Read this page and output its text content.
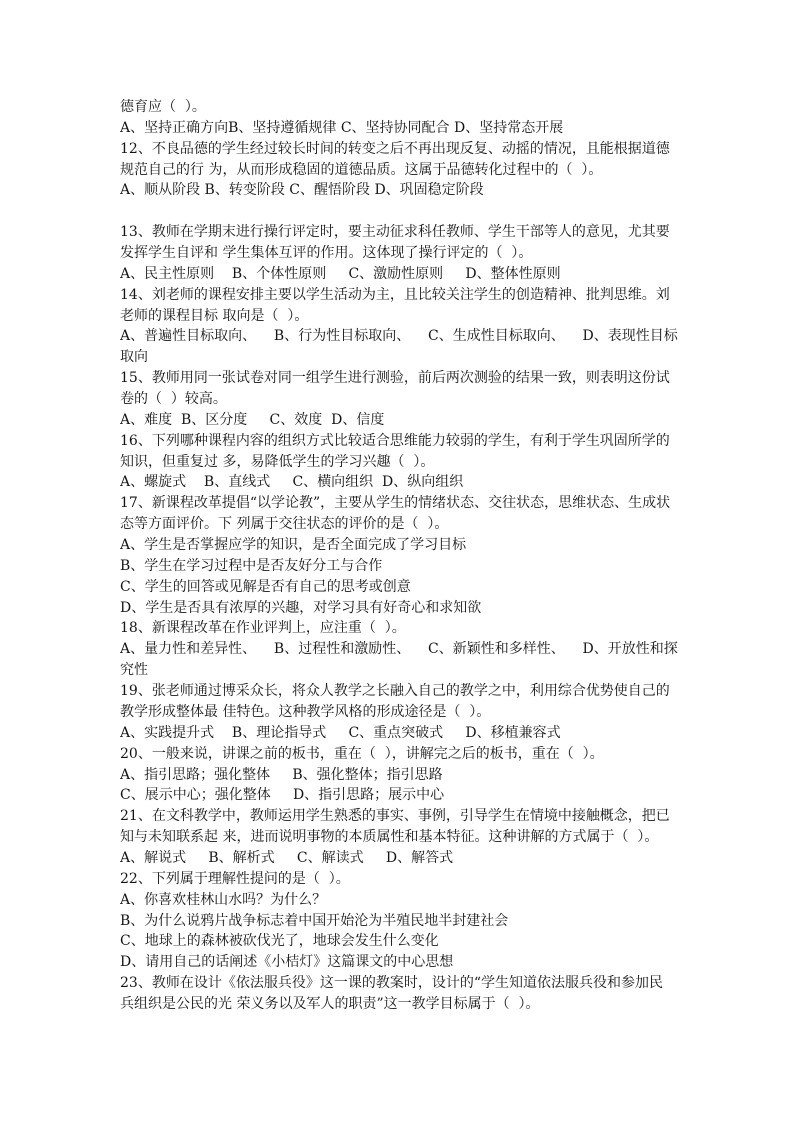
德育应（  ）。
A、坚持正确方向B、坚持遵循规律 C、坚持协同配合 D、坚持常态开展
12、不良品德的学生经过较长时间的转变之后不再出现反复、动摇的情况，且能根据道德
规范自己的行 为，从而形成稳固的道德品质。这属于品德转化过程中的（  ）。
A、顺从阶段 B、转变阶段 C、醒悟阶段 D、巩固稳定阶段
13、教师在学期末进行操行评定时，要主动征求科任教师、学生干部等人的意见，尤其要
发挥学生自评和 学生集体互评的作用。这体现了操行评定的（  ）。
A、民主性原则    B、个体性原则     C、激励性原则     D、整体性原则
14、刘老师的课程安排主要以学生活动为主，且比较关注学生的创造精神、批判思维。刘
老师的课程目标 取向是（  ）。
A、普遍性目标取向、    B、行为性目标取向、    C、生成性目标取向、    D、表现性目标
取向
15、教师用同一张试卷对同一组学生进行测验，前后两次测验的结果一致，则表明这份试
卷的（  ）较高。
A、难度  B、区分度     C、效度  D、信度
16、下列哪种课程内容的组织方式比较适合思维能力较弱的学生，有利于学生巩固所学的
知识，但重复过 多，易降低学生的学习兴趣（  ）。
A、螺旋式    B、直线式     C、横向组织  D、纵向组织
17、新课程改革提倡“以学论教”，主要从学生的情绪状态、交往状态，思维状态、生成状
态等方面评价。下 列属于交往状态的评价的是（  ）。
A、学生是否掌握应学的知识，是否全面完成了学习目标
B、学生在学习过程中是否友好分工与合作
C、学生的回答或见解是否有自己的思考或创意
D、学生是否具有浓厚的兴趣，对学习具有好奇心和求知欲
18、新课程改革在作业评判上，应注重（  ）。
A、量力性和差异性、    B、过程性和激励性、    C、新颖性和多样性、    D、开放性和探
究性
19、张老师通过博采众长，将众人教学之长融入自己的教学之中，利用综合优势使自己的
教学形成整体最 佳特色。这种教学风格的形成途径是（  ）。
A、实践提升式    B、理论指导式     C、重点突破式     D、移植兼容式
20、一般来说，讲课之前的板书，重在（  ），讲解完之后的板书，重在（  ）。
A、指引思路；强化整体     B、强化整体；指引思路
C、展示中心；强化整体     D、指引思路；展示中心
21、在文科教学中，教师运用学生熟悉的事实、事例，引导学生在情境中接触概念，把已
知与未知联系起 来，进而说明事物的本质属性和基本特征。这种讲解的方式属于（  ）。
A、解说式     B、解析式     C、解读式     D、解答式
22、下列属于理解性提问的是（  ）。
A、你喜欢桂林山水吗？为什么？
B、为什么说鸦片战争标志着中国开始沦为半殖民地半封建社会
C、地球上的森林被砍伐光了，地球会发生什么变化
D、请用自己的话阐述《小桔灯》这篇课文的中心思想
23、教师在设计《依法服兵役》这一课的教案时，设计的“学生知道依法服兵役和参加民
兵组织是公民的光 荣义务以及军人的职责”这一教学目标属于（  ）。
